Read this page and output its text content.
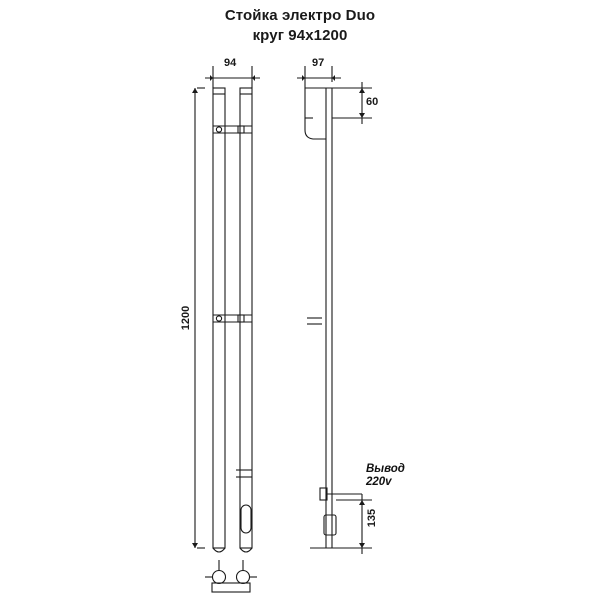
Стойка электро Duo
круг 94х1200
94	97
1200
60
135
Вывод
220v
